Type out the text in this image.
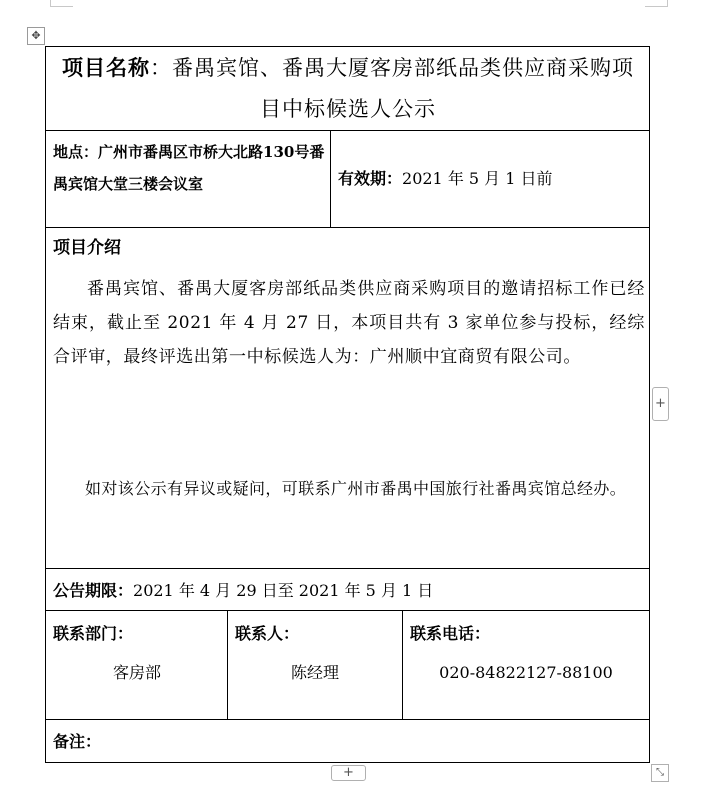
✥
项目名称：番禺宾馆、番禺大厦客房部纸品类供应商采购项目中标候选人公示
地点：广州市番禺区市桥大北路130号番禺宾馆大堂三楼会议室	有效期：2021 年 5 月 1 日前
项目介绍
番禺宾馆、番禺大厦客房部纸品类供应商采购项目的邀请招标工作已经结束，截止至 2021 年 4 月 27 日，本项目共有 3 家单位参与投标，经综合评审，最终评选出第一中标候选人为：广州顺中宜商贸有限公司。
如对该公示有异议或疑问，可联系广州市番禺中国旅行社番禺宾馆总经办。
公告期限：2021 年 4 月 29 日至 2021 年 5 月 1 日
联系部门：
客房部
联系人：
陈经理
联系电话：
020-84822127-88100
备注：
+
+	⤡
